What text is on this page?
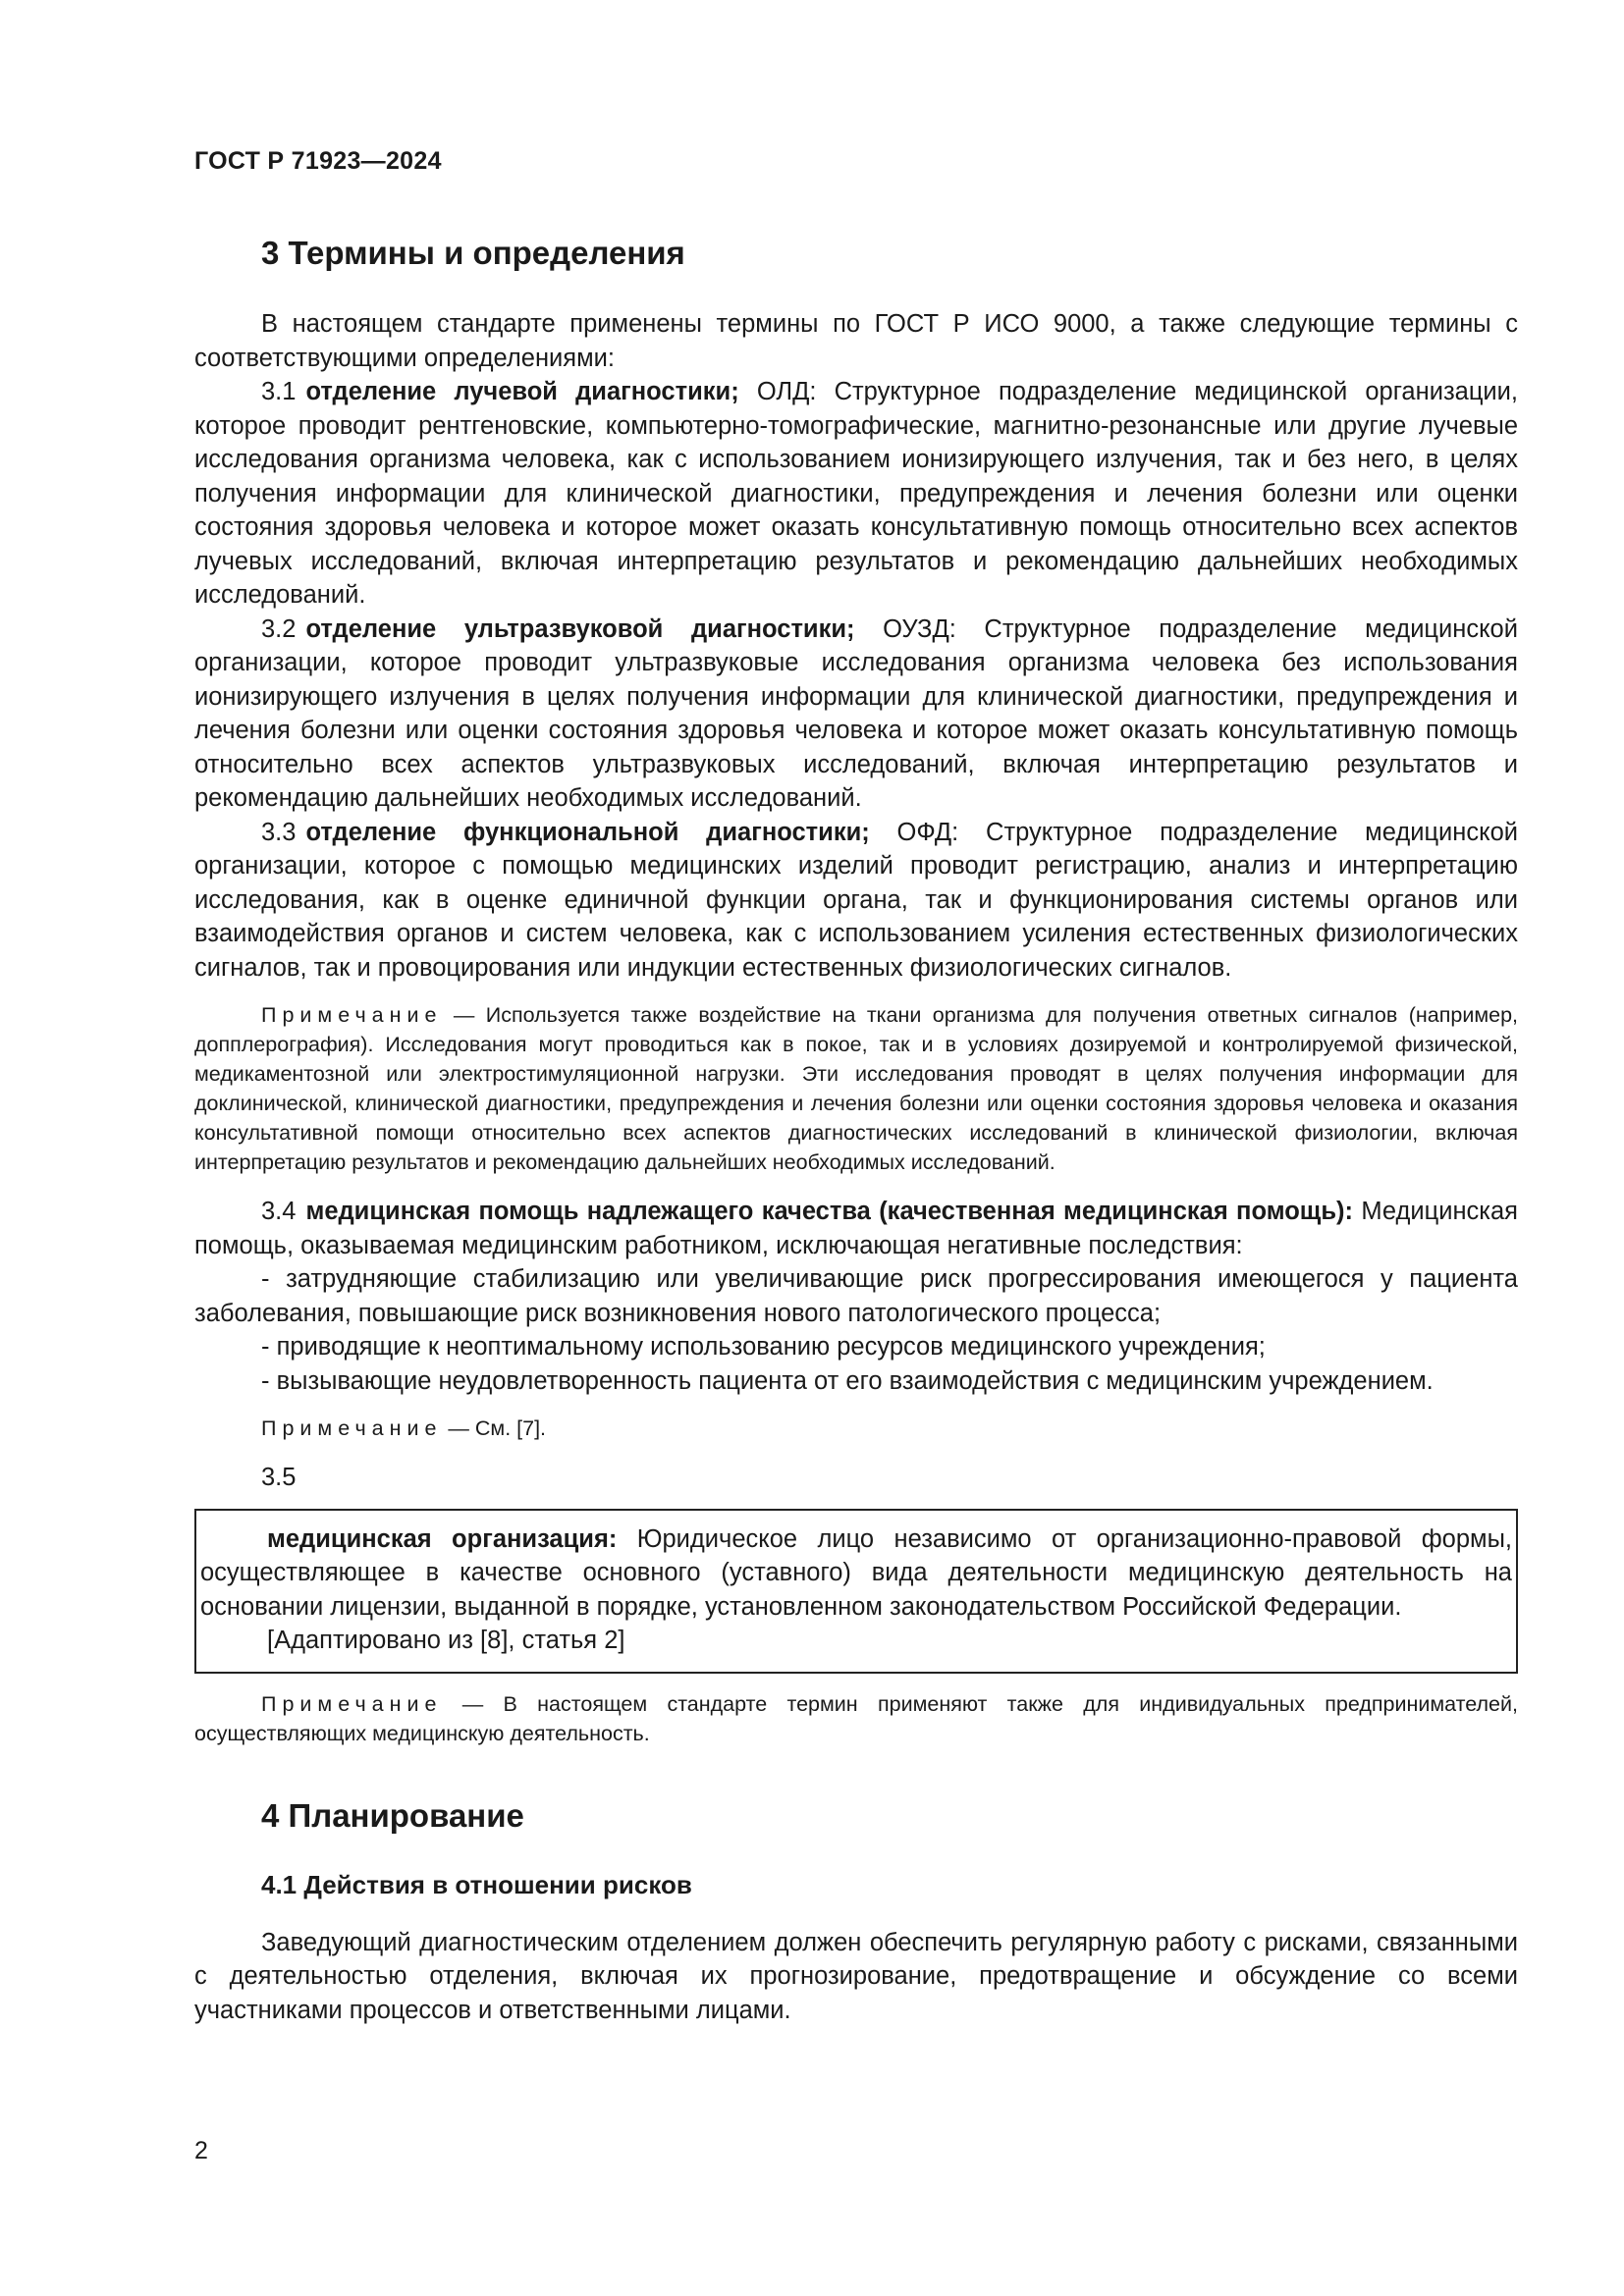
ГОСТ Р 71923—2024
3 Термины и определения

В настоящем стандарте применены термины по ГОСТ Р ИСО 9000, а также следующие термины с соответствующими определениями:

3.1 отделение лучевой диагностики; ОЛД: Структурное подразделение медицинской организации, которое проводит рентгеновские, компьютерно-томографические, магнитно-резонансные или другие лучевые исследования организма человека, как с использованием ионизирующего излучения, так и без него, в целях получения информации для клинической диагностики, предупреждения и лечения болезни или оценки состояния здоровья человека и которое может оказать консультативную помощь относительно всех аспектов лучевых исследований, включая интерпретацию результатов и рекомендацию дальнейших необходимых исследований.

3.2 отделение ультразвуковой диагностики; ОУЗД: Структурное подразделение медицинской организации, которое проводит ультразвуковые исследования организма человека без использования ионизирующего излучения в целях получения информации для клинической диагностики, предупреждения и лечения болезни или оценки состояния здоровья человека и которое может оказать консультативную помощь относительно всех аспектов ультразвуковых исследований, включая интерпретацию результатов и рекомендацию дальнейших необходимых исследований.

3.3 отделение функциональной диагностики; ОФД: Структурное подразделение медицинской организации, которое с помощью медицинских изделий проводит регистрацию, анализ и интерпретацию исследования, как в оценке единичной функции органа, так и функционирования системы органов или взаимодействия органов и систем человека, как с использованием усиления естественных физиологических сигналов, так и провоцирования или индукции естественных физиологических сигналов.

Примечание — Используется также воздействие на ткани организма для получения ответных сигналов (например, допплерография). Исследования могут проводиться как в покое, так и в условиях дозируемой и контролируемой физической, медикаментозной или электростимуляционной нагрузки. Эти исследования проводят в целях получения информации для доклинической, клинической диагностики, предупреждения и лечения болезни или оценки состояния здоровья человека и оказания консультативной помощи относительно всех аспектов диагностических исследований в клинической физиологии, включая интерпретацию результатов и рекомендацию дальнейших необходимых исследований.

3.4 медицинская помощь надлежащего качества (качественная медицинская помощь): Медицинская помощь, оказываемая медицинским работником, исключающая негативные последствия:

- затрудняющие стабилизацию или увеличивающие риск прогрессирования имеющегося у пациента заболевания, повышающие риск возникновения нового патологического процесса;

- приводящие к неоптимальному использованию ресурсов медицинского учреждения;

- вызывающие неудовлетворенность пациента от его взаимодействия с медицинским учреждением.

Примечание — См. [7].

3.5

медицинская организация: Юридическое лицо независимо от организационно-правовой формы, осуществляющее в качестве основного (уставного) вида деятельности медицинскую деятельность на основании лицензии, выданной в порядке, установленном законодательством Российской Федерации.

[Адаптировано из [8], статья 2]

Примечание — В настоящем стандарте термин применяют также для индивидуальных предпринимателей, осуществляющих медицинскую деятельность.

4 Планирование
4.1 Действия в отношении рисков

Заведующий диагностическим отделением должен обеспечить регулярную работу с рисками, связанными с деятельностью отделения, включая их прогнозирование, предотвращение и обсуждение со всеми участниками процессов и ответственными лицами.

2
